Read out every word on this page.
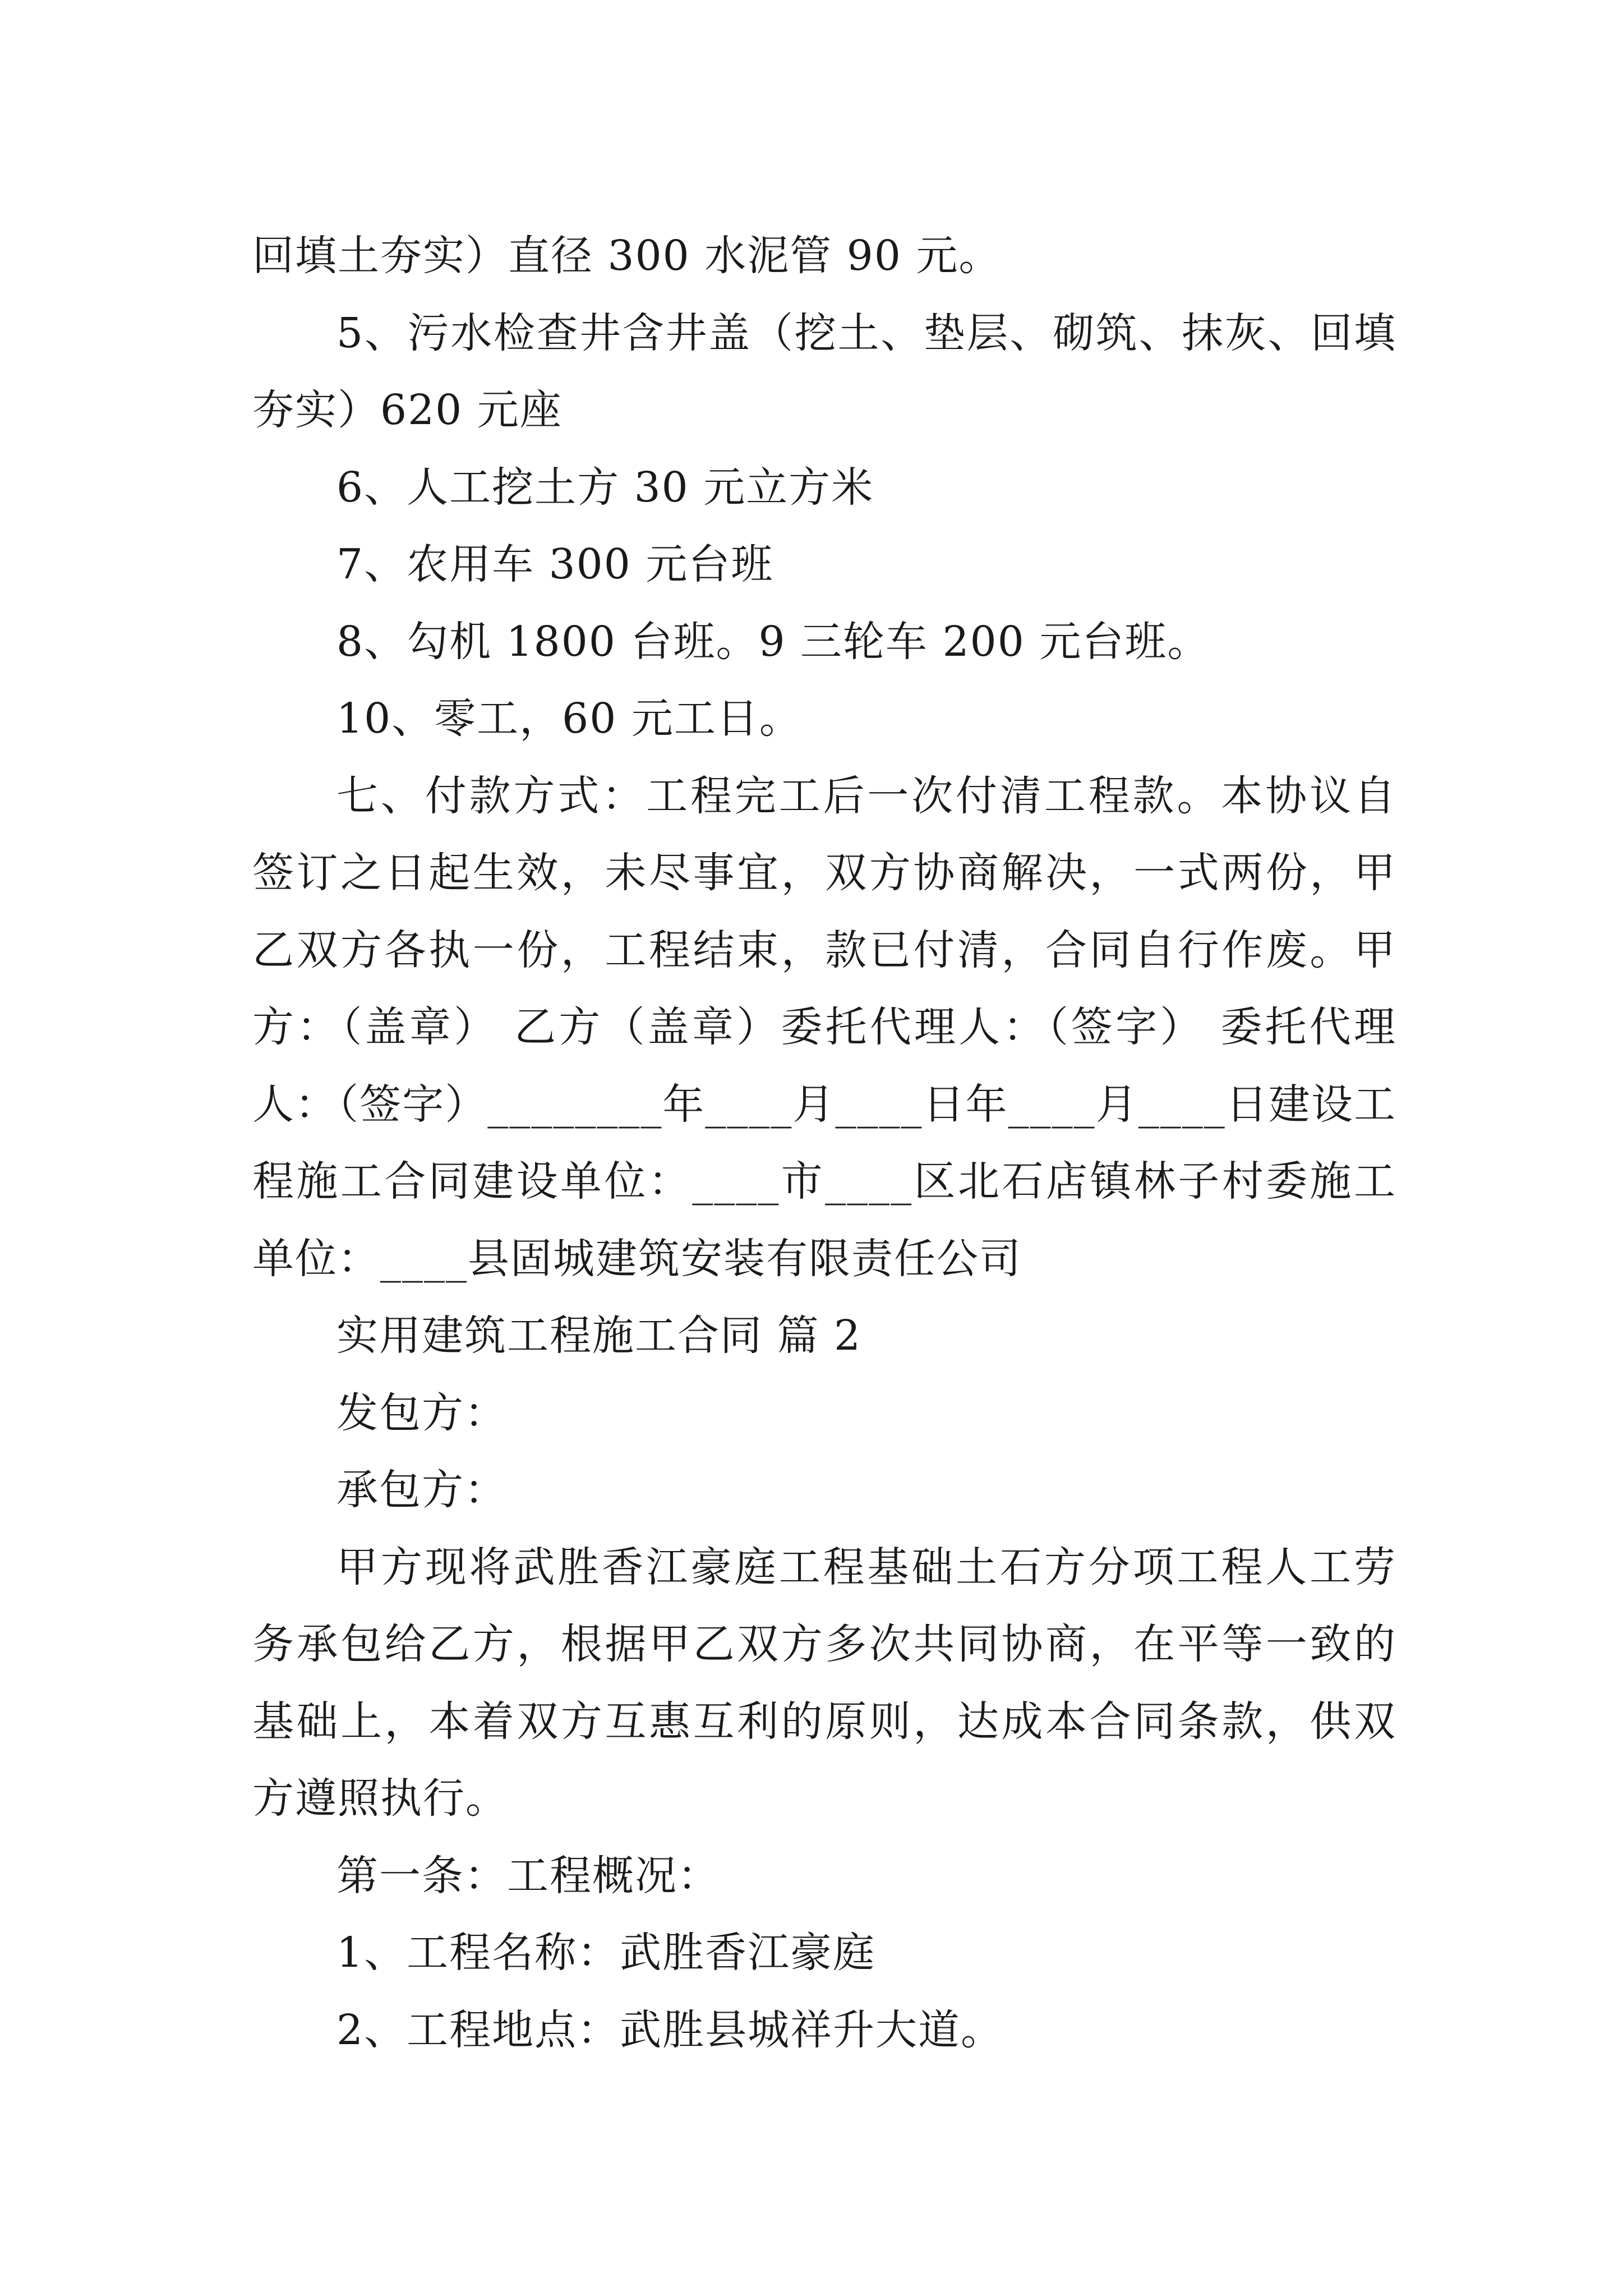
回填土夯实）直径 300 水泥管 90 元。

5、污水检查井含井盖（挖土、垫层、砌筑、抹灰、回填夯实）620 元座

6、人工挖土方 30 元立方米

7、农用车 300 元台班

8、勾机 1800 台班。9 三轮车 200 元台班。

10、零工，60 元工日。

七、付款方式：工程完工后一次付清工程款。本协议自签订之日起生效，未尽事宜，双方协商解决，一式两份，甲乙双方各执一份，工程结束，款已付清，合同自行作废。甲方：（盖章） 乙方（盖章）委托代理人：（签字） 委托代理人：（签字）________年____月____日年____月____日建设工程施工合同建设单位：____市____区北石店镇林子村委施工单位：____县固城建筑安装有限责任公司

实用建筑工程施工合同 篇 2

发包方：

承包方：

甲方现将武胜香江豪庭工程基础土石方分项工程人工劳务承包给乙方，根据甲乙双方多次共同协商，在平等一致的基础上，本着双方互惠互利的原则，达成本合同条款，供双方遵照执行。

第一条：工程概况：

1、工程名称：武胜香江豪庭

2、工程地点：武胜县城祥升大道。
